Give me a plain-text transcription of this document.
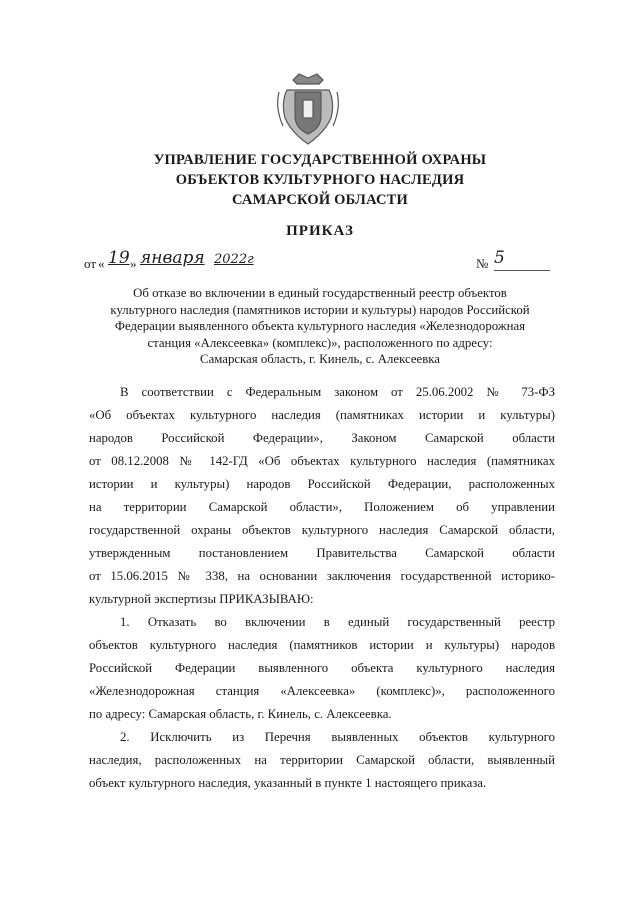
УПРАВЛЕНИЕ ГОСУДАРСТВЕННОЙ ОХРАНЫ
ОБЪЕКТОВ КУЛЬТУРНОГО НАСЛЕДИЯ
САМАРСКОЙ ОБЛАСТИ
ПРИКАЗ
от « 19 » января 2022г	№ 5
Об отказе во включении в единый государственный реестр объектов
культурного наследия (памятников истории и культуры) народов Российской
Федерации выявленного объекта культурного наследия «Железнодорожная
станция «Алексеевка» (комплекс)», расположенного по адресу:
Самарская область, г. Кинель, с. Алексеевка
В соответствии с Федеральным законом от 25.06.2002 № 73-ФЗ
«Об объектах культурного наследия (памятниках истории и культуры)
народов Российской Федерации», Законом Самарской области
от 08.12.2008 № 142-ГД «Об объектах культурного наследия (памятниках
истории и культуры) народов Российской Федерации, расположенных
на территории Самарской области», Положением об управлении
государственной охраны объектов культурного наследия Самарской области,
утвержденным постановлением Правительства Самарской области
от 15.06.2015 № 338, на основании заключения государственной историко-
культурной экспертизы ПРИКАЗЫВАЮ:
1. Отказать во включении в единый государственный реестр
объектов культурного наследия (памятников истории и культуры) народов
Российской Федерации выявленного объекта культурного наследия
«Железнодорожная станция «Алексеевка» (комплекс)», расположенного
по адресу: Самарская область, г. Кинель, с. Алексеевка.
2. Исключить из Перечня выявленных объектов культурного
наследия, расположенных на территории Самарской области, выявленный
объект культурного наследия, указанный в пункте 1 настоящего приказа.
